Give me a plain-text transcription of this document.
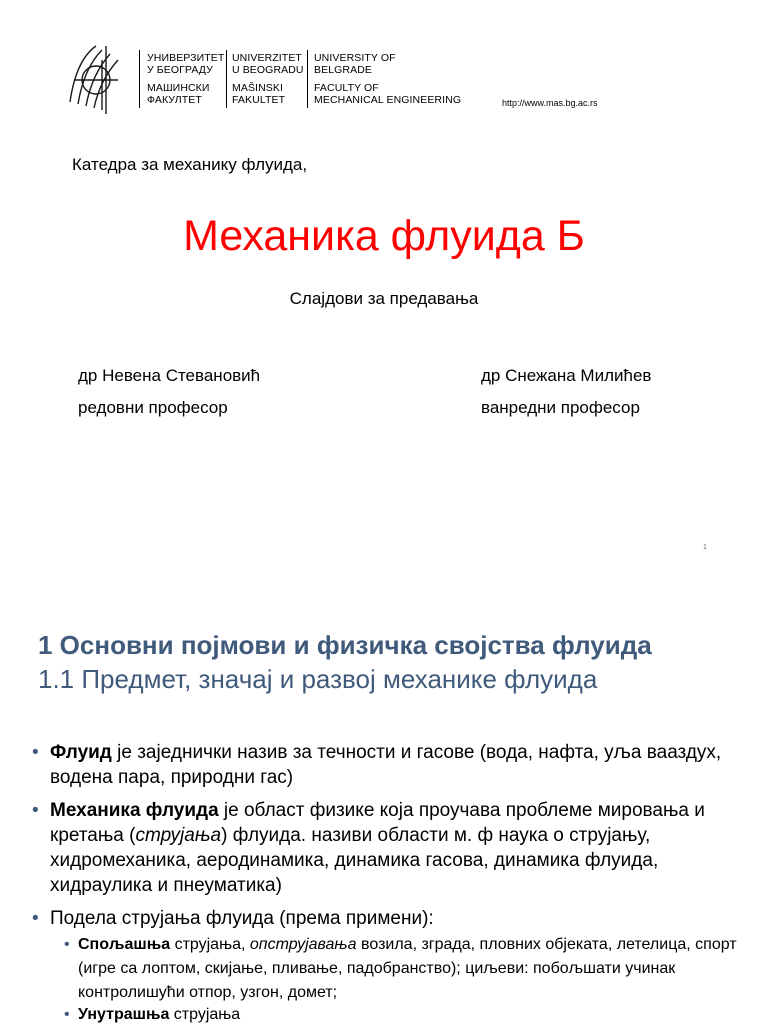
УНИВЕРЗИТЕТ
У БЕОГРАДУ
МАШИНСКИ
ФАКУЛТЕТ
UNIVERZITET
U BEOGRADU
MAŠINSKI
FAKULTET
UNIVERSITY OF
BELGRADE
FACULTY OF
MECHANICAL ENGINEERING	http://www.mas.bg.ac.rs
Катедра за механику флуида,
Механика флуида Б
Слајдови за предавања
др Невена Стевановић
редовни професор
др Снежана Милићев
ванредни професор
1
1 Основни појмови и физичка својства флуида
1.1 Предмет, значај и развој механике флуида
• Флуид је заједнички назив за течности и гасове (вода, нафта, уља вааздух, водена пара, природни гас)
• Механика флуида је област физике која проучава проблеме мировања и кретања (струјања) флуида. називи области м. ф наука о струјању, хидромеханика, аеродинамика, динамика гасова, динамика флуида, хидраулика и пнеуматика)
• Подела струјања флуида (према примени):
• Спољашња струјања, опструјавања возила, зграда, пловних објеката, летелица, спорт (игре са лоптом, скијање, пливање, падобранство); циљеви: побољшати учинак контролишући отпор, узгон, домет;
• Унутрашња струјања
